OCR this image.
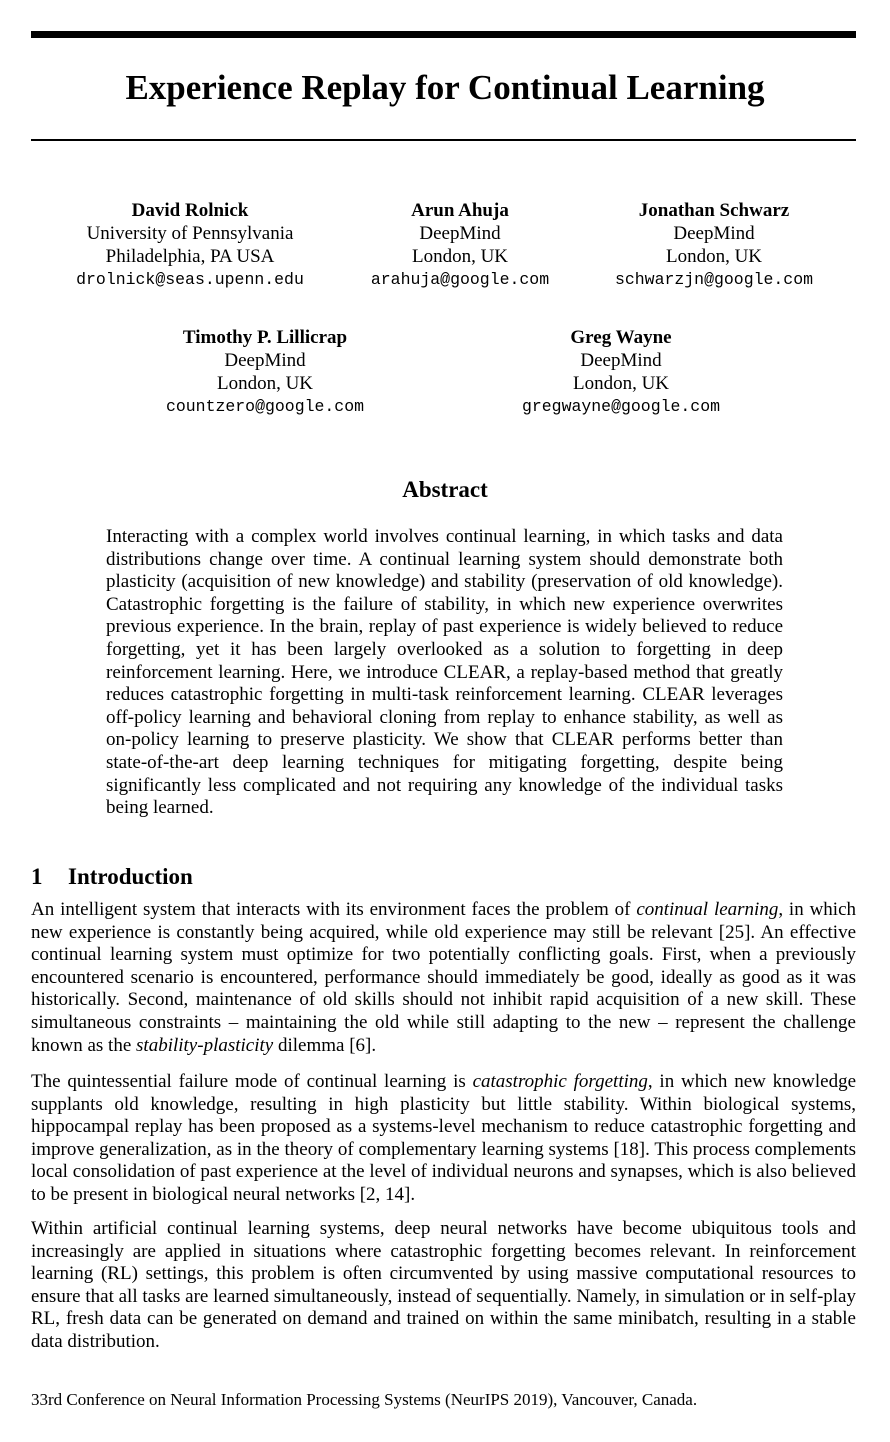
Experience Replay for Continual Learning
David Rolnick
University of Pennsylvania
Philadelphia, PA USA
drolnick@seas.upenn.edu
Arun Ahuja
DeepMind
London, UK
arahuja@google.com
Jonathan Schwarz
DeepMind
London, UK
schwarzjn@google.com
Timothy P. Lillicrap
DeepMind
London, UK
countzero@google.com
Greg Wayne
DeepMind
London, UK
gregwayne@google.com
Abstract
Interacting with a complex world involves continual learning, in which tasks and data distributions change over time. A continual learning system should demonstrate both plasticity (acquisition of new knowledge) and stability (preservation of old knowledge). Catastrophic forgetting is the failure of stability, in which new experience overwrites previous experience. In the brain, replay of past experience is widely believed to reduce forgetting, yet it has been largely overlooked as a solution to forgetting in deep reinforcement learning. Here, we introduce CLEAR, a replay-based method that greatly reduces catastrophic forgetting in multi-task reinforcement learning. CLEAR leverages off-policy learning and behavioral cloning from replay to enhance stability, as well as on-policy learning to preserve plasticity. We show that CLEAR performs better than state-of-the-art deep learning techniques for mitigating forgetting, despite being significantly less complicated and not requiring any knowledge of the individual tasks being learned.
1 Introduction
An intelligent system that interacts with its environment faces the problem of continual learning, in which new experience is constantly being acquired, while old experience may still be relevant [25]. An effective continual learning system must optimize for two potentially conflicting goals. First, when a previously encountered scenario is encountered, performance should immediately be good, ideally as good as it was historically. Second, maintenance of old skills should not inhibit rapid acquisition of a new skill. These simultaneous constraints – maintaining the old while still adapting to the new – represent the challenge known as the stability-plasticity dilemma [6].
The quintessential failure mode of continual learning is catastrophic forgetting, in which new knowledge supplants old knowledge, resulting in high plasticity but little stability. Within biological systems, hippocampal replay has been proposed as a systems-level mechanism to reduce catastrophic forgetting and improve generalization, as in the theory of complementary learning systems [18]. This process complements local consolidation of past experience at the level of individual neurons and synapses, which is also believed to be present in biological neural networks [2, 14].
Within artificial continual learning systems, deep neural networks have become ubiquitous tools and increasingly are applied in situations where catastrophic forgetting becomes relevant. In reinforcement learning (RL) settings, this problem is often circumvented by using massive computational resources to ensure that all tasks are learned simultaneously, instead of sequentially. Namely, in simulation or in self-play RL, fresh data can be generated on demand and trained on within the same minibatch, resulting in a stable data distribution.
33rd Conference on Neural Information Processing Systems (NeurIPS 2019), Vancouver, Canada.
